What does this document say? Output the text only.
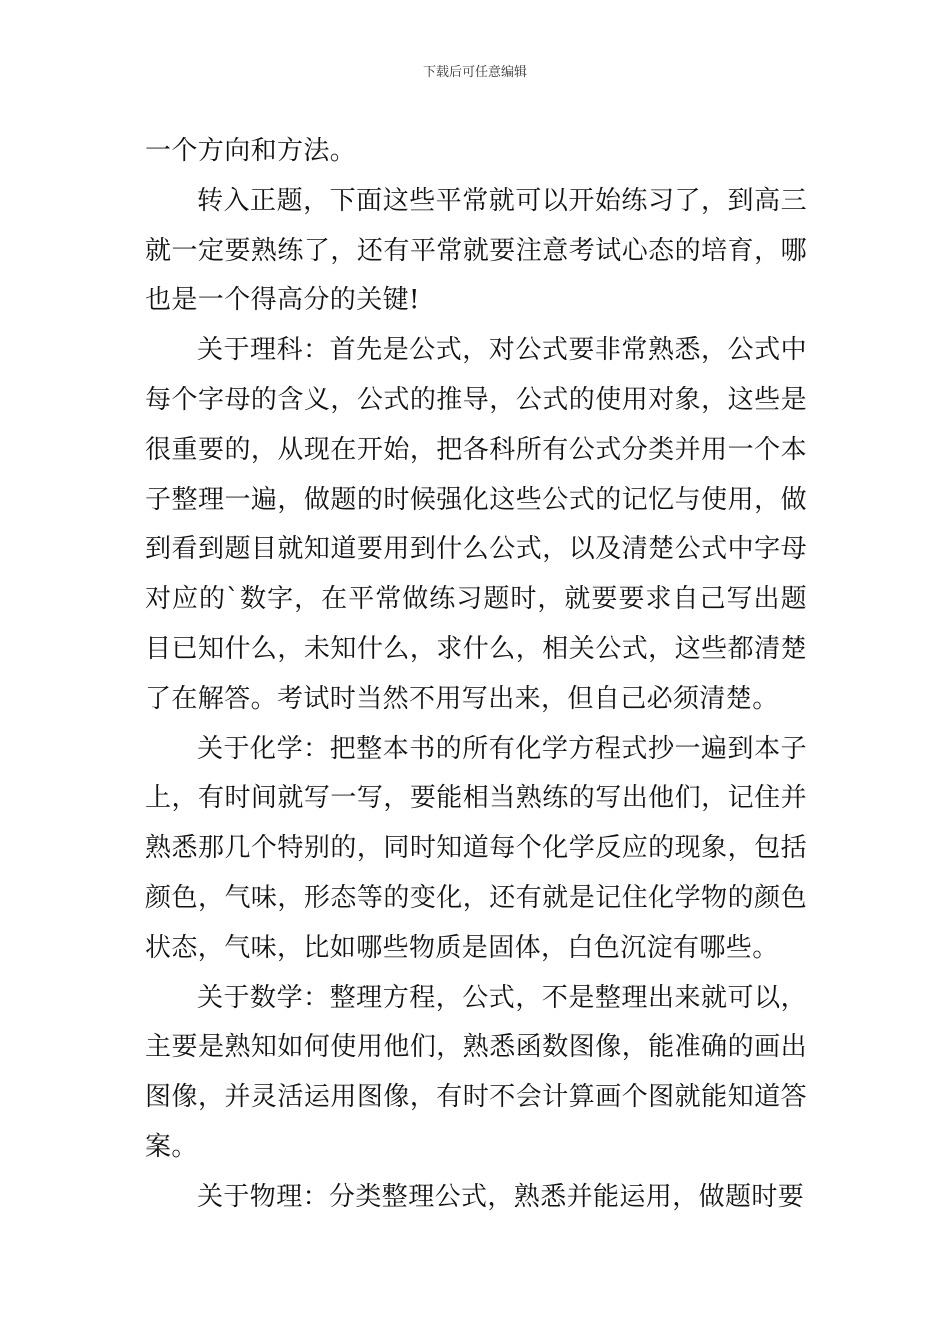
下载后可任意编辑

一个方向和方法。

转入正题，下面这些平常就可以开始练习了，到高三就一定要熟练了，还有平常就要注意考试心态的培育，哪也是一个得高分的关键!

关于理科：首先是公式，对公式要非常熟悉，公式中每个字母的含义，公式的推导，公式的使用对象，这些是很重要的，从现在开始，把各科所有公式分类并用一个本子整理一遍，做题的时候强化这些公式的记忆与使用，做到看到题目就知道要用到什么公式，以及清楚公式中字母对应的`数字，在平常做练习题时，就要要求自己写出题目已知什么，未知什么，求什么，相关公式，这些都清楚了在解答。考试时当然不用写出来，但自己必须清楚。

关于化学：把整本书的所有化学方程式抄一遍到本子上，有时间就写一写，要能相当熟练的写出他们，记住并熟悉那几个特别的，同时知道每个化学反应的现象，包括颜色，气味，形态等的变化，还有就是记住化学物的颜色状态，气味，比如哪些物质是固体，白色沉淀有哪些。

关于数学：整理方程，公式，不是整理出来就可以，主要是熟知如何使用他们，熟悉函数图像，能准确的画出图像，并灵活运用图像，有时不会计算画个图就能知道答案。

关于物理：分类整理公式，熟悉并能运用，做题时要
